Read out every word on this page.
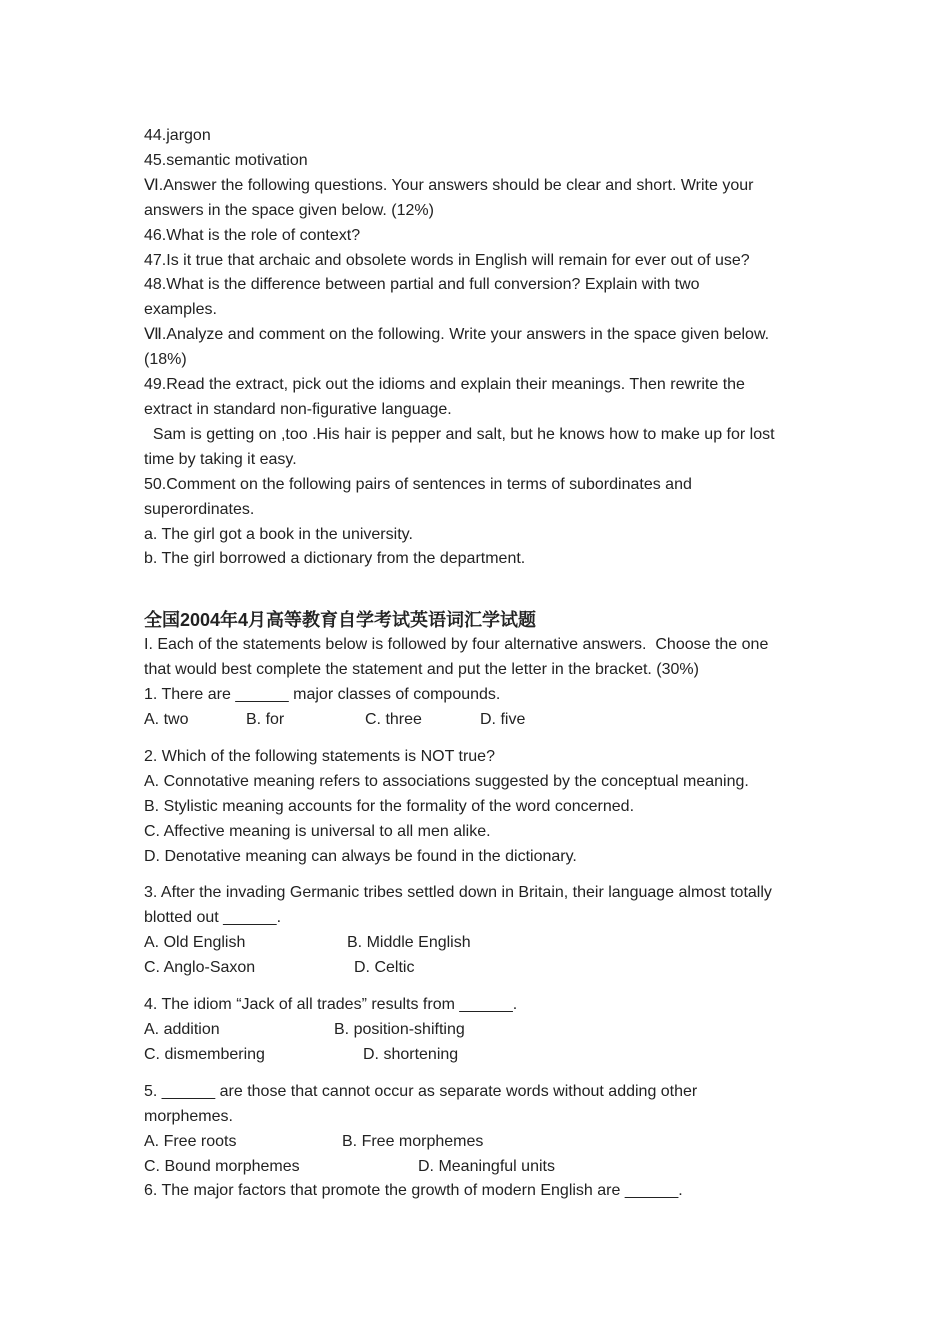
44.jargon
45.semantic motivation
Ⅵ.Answer the following questions. Your answers should be clear and short. Write your
answers in the space given below. (12%)
46.What is the role of context?
47.Is it true that archaic and obsolete words in English will remain for ever out of use?
48.What is the difference between partial and full conversion? Explain with two
examples.
Ⅶ.Analyze and comment on the following. Write your answers in the space given below.
(18%)
49.Read the extract, pick out the idioms and explain their meanings. Then rewrite the
extract in standard non-figurative language.
Sam is getting on ,too .His hair is pepper and salt, but he knows how to make up for lost
time by taking it easy.
50.Comment on the following pairs of sentences in terms of subordinates and
superordinates.
a. The girl got a book in the university.
b. The girl borrowed a dictionary from the department.
全国2004年4月高等教育自学考试英语词汇学试题
I. Each of the statements below is followed by four alternative answers.  Choose the one
that would best complete the statement and put the letter in the bracket. (30%)
1. There are ______ major classes of compounds.
A. two	B. for	C. three	D. five
2. Which of the following statements is NOT true?
A. Connotative meaning refers to associations suggested by the conceptual meaning.
B. Stylistic meaning accounts for the formality of the word concerned.
C. Affective meaning is universal to all men alike.
D. Denotative meaning can always be found in the dictionary.
3. After the invading Germanic tribes settled down in Britain, their language almost totally
blotted out ______.
A. Old English	B. Middle English
C. Anglo-Saxon	D. Celtic
4. The idiom “Jack of all trades” results from ______.
A. addition	B. position-shifting
C. dismembering	D. shortening
5. ______ are those that cannot occur as separate words without adding other
morphemes.
A. Free roots	B. Free morphemes
C. Bound morphemes	D. Meaningful units
6. The major factors that promote the growth of modern English are ______.
